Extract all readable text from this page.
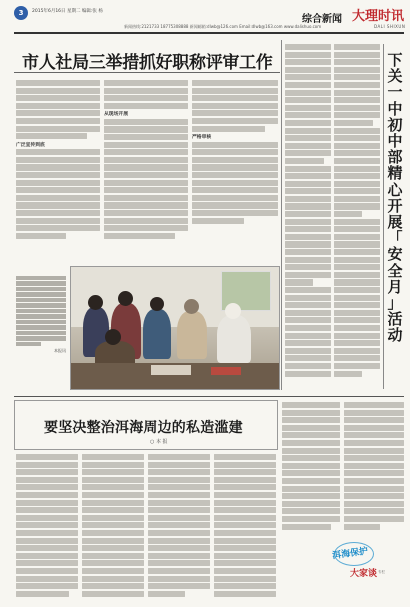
3	2015年6月16日 星期二 编辑:张 杨
新闻热线:2121733 18775308888 新闻邮箱:dlwb@126.com Email:dlwb@163.com www.dalishuo.com
综合新闻 大理时讯
DALI SHIXUN
市人社局三举措抓好职称评审工作
广泛宣传到底
从现场开展
严格审核
本报讯
下
关
一
中
初
中
部
精
心
开
展
「
安
全
月
」
活
动
要坚决整治洱海周边的私造滥建
○ 本 报
洱海保护
大家谈 专栏
